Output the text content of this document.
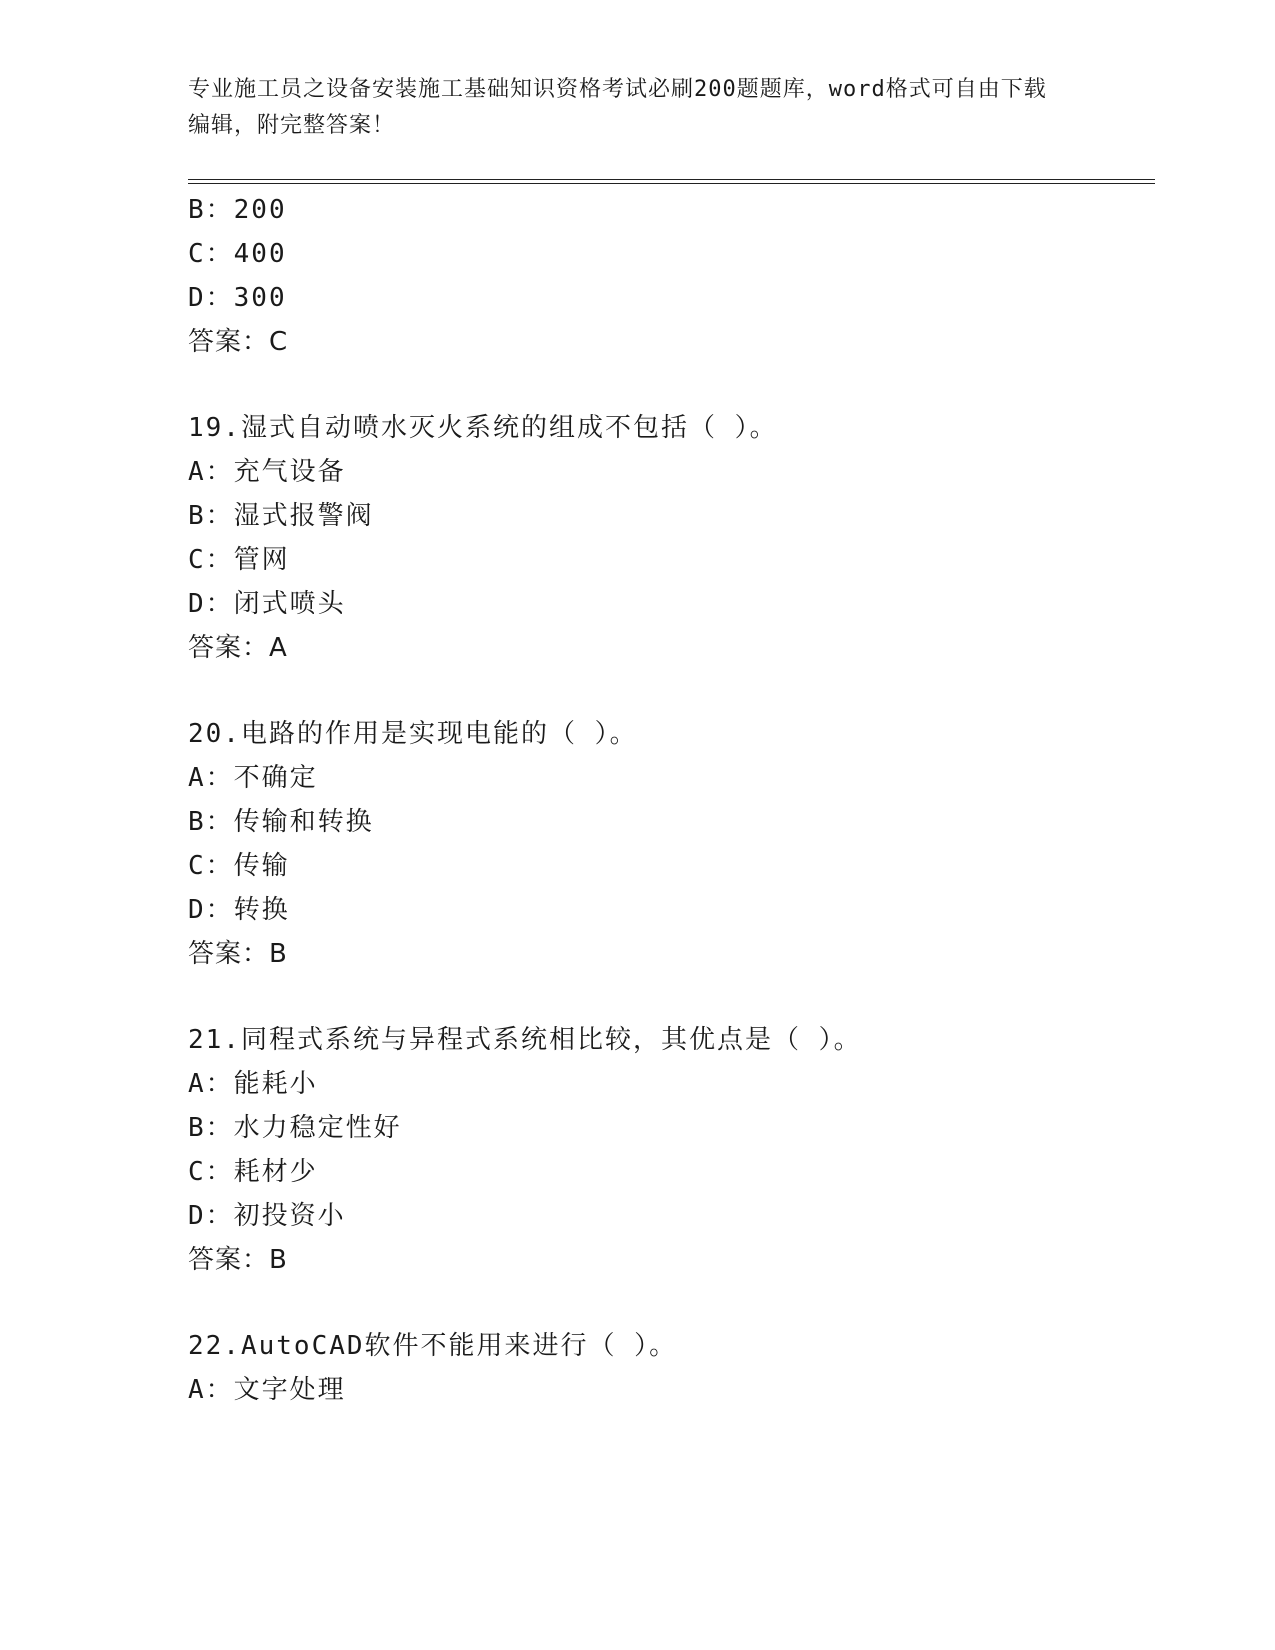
专业施工员之设备安装施工基础知识资格考试必刷200题题库，word格式可自由下载编辑，附完整答案！
B：200
C：400
D：300
答案：C
19.湿式自动喷水灭火系统的组成不包括（ ）。
A：充气设备
B：湿式报警阀
C：管网
D：闭式喷头
答案：A
20.电路的作用是实现电能的（ ）。
A：不确定
B：传输和转换
C：传输
D：转换
答案：B
21.同程式系统与异程式系统相比较，其优点是（ ）。
A：能耗小
B：水力稳定性好
C：耗材少
D：初投资小
答案：B
22.AutoCAD软件不能用来进行（ ）。
A：文字处理
